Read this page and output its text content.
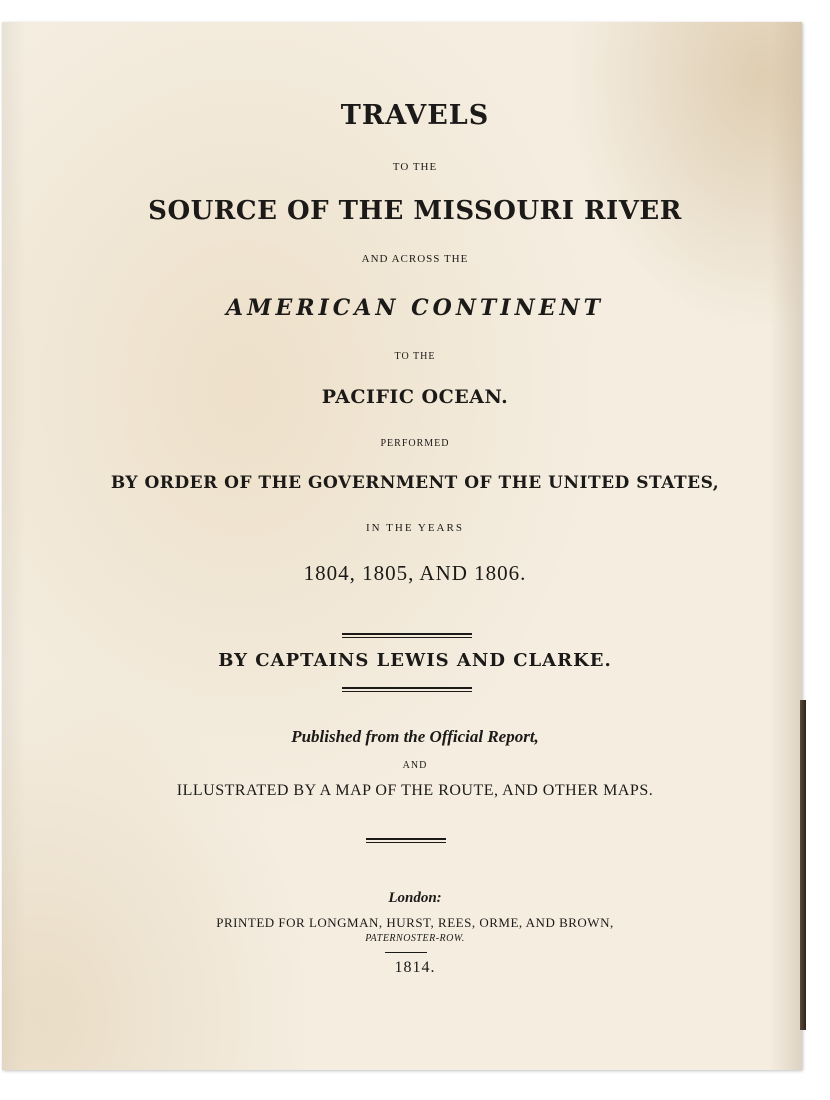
TRAVELS
TO THE
SOURCE OF THE MISSOURI RIVER
AND ACROSS THE
AMERICAN CONTINENT
TO THE
PACIFIC OCEAN.
PERFORMED
BY ORDER OF THE GOVERNMENT OF THE UNITED STATES,
IN THE YEARS
1804, 1805, AND 1806.
BY CAPTAINS LEWIS AND CLARKE.
Published from the Official Report,
AND
ILLUSTRATED BY A MAP OF THE ROUTE, AND OTHER MAPS.
London:
PRINTED FOR LONGMAN, HURST, REES, ORME, AND BROWN,
PATERNOSTER-ROW.
1814.
